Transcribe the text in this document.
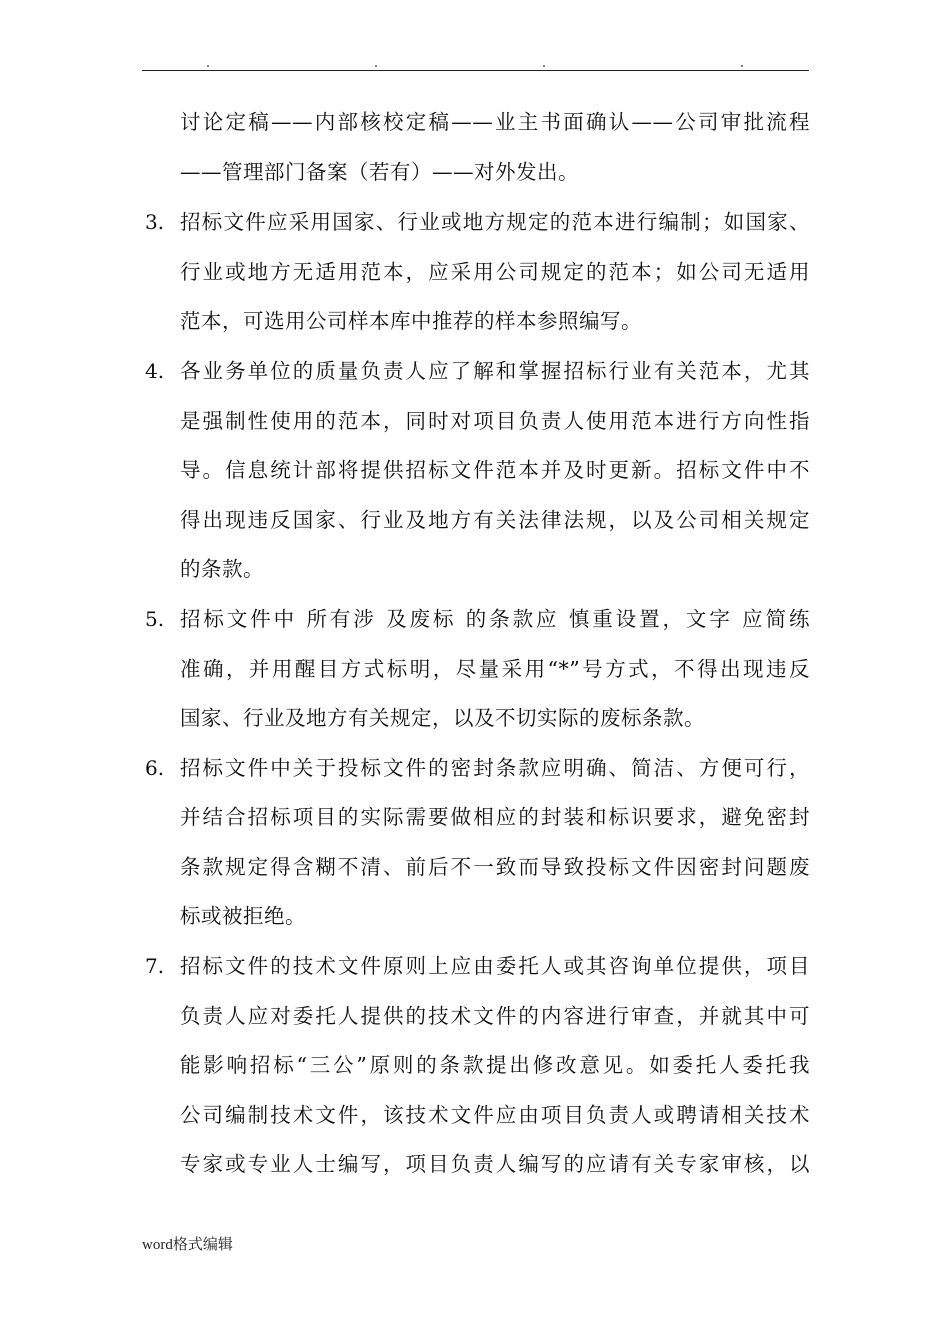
讨论定稿——内部核校定稿——业主书面确认——公司审批流程
——管理部门备案（若有）——对外发出。
3. 招标文件应采用国家、行业或地方规定的范本进行编制；如国家、
行业或地方无适用范本，应采用公司规定的范本；如公司无适用
范本，可选用公司样本库中推荐的样本参照编写。
4. 各业务单位的质量负责人应了解和掌握招标行业有关范本，尤其
是强制性使用的范本，同时对项目负责人使用范本进行方向性指
导。信息统计部将提供招标文件范本并及时更新。招标文件中不
得出现违反国家、行业及地方有关法律法规，以及公司相关规定
的条款。
5. 招标文件中 所有涉 及废标 的条款应 慎重设置，文字 应简练
准确，并用醒目方式标明，尽量采用“*”号方式，不得出现违反
国家、行业及地方有关规定，以及不切实际的废标条款。
6. 招标文件中关于投标文件的密封条款应明确、简洁、方便可行，
并结合招标项目的实际需要做相应的封装和标识要求，避免密封
条款规定得含糊不清、前后不一致而导致投标文件因密封问题废
标或被拒绝。
7. 招标文件的技术文件原则上应由委托人或其咨询单位提供，项目
负责人应对委托人提供的技术文件的内容进行审查，并就其中可
能影响招标“三公”原则的条款提出修改意见。如委托人委托我
公司编制技术文件，该技术文件应由项目负责人或聘请相关技术
专家或专业人士编写，项目负责人编写的应请有关专家审核，以
word格式编辑
